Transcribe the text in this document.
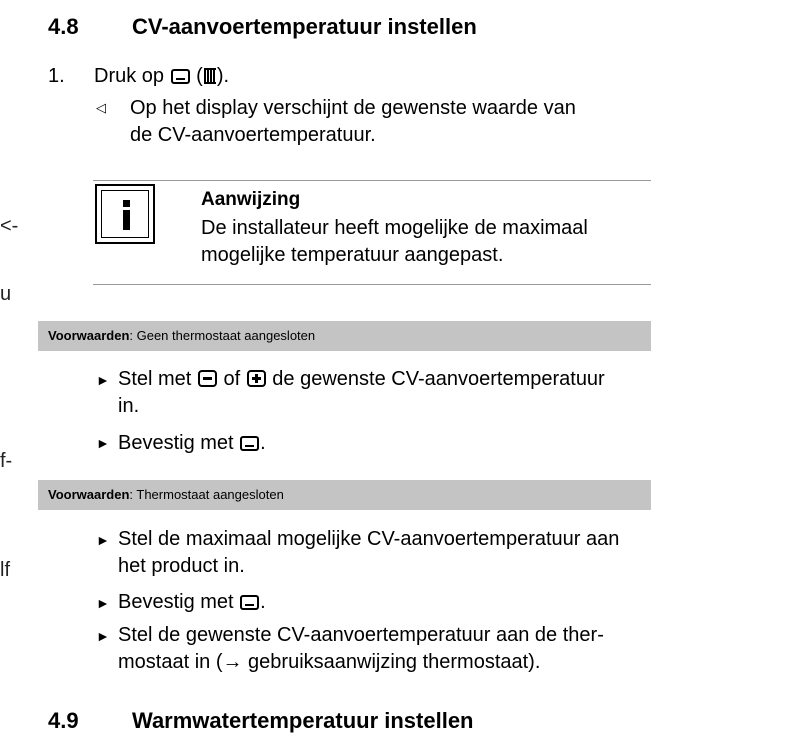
<-
u
f-
lf
4.8 CV-aanvoertemperatuur instellen
1. Druk op ( ).
◁ Op het display verschijnt de gewenste waarde van
de CV-aanvoertemperatuur.
Aanwijzing
De installateur heeft mogelijke de maximaal
mogelijke temperatuur aangepast.
Voorwaarden: Geen thermostaat aangesloten
► Stel met of de gewenste CV-aanvoertemperatuur
in.
► Bevestig met .
Voorwaarden: Thermostaat aangesloten
► Stel de maximaal mogelijke CV-aanvoertemperatuur aan
het product in.
► Bevestig met .
► Stel de gewenste CV-aanvoertemperatuur aan de ther-
mostaat in (→ gebruiksaanwijzing thermostaat).
4.9 Warmwatertemperatuur instellen
